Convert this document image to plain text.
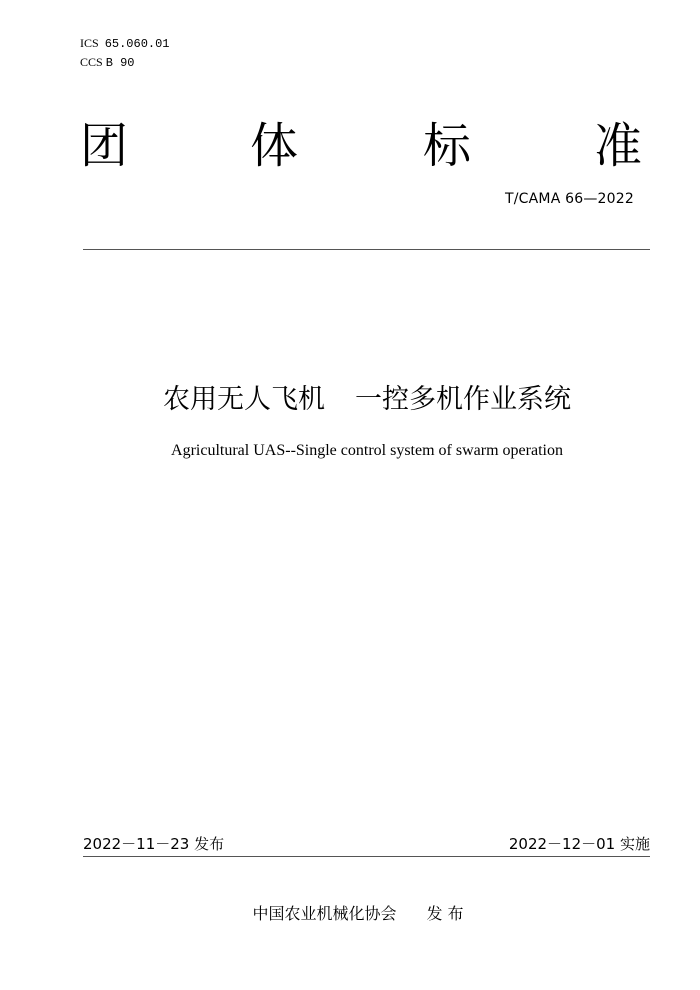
ICS 65.060.01
CCS B 90
团	体	标	准
T/CAMA 66—2022
农用无人飞机 一控多机作业系统
Agricultural UAS--Single control system of swarm operation
2022－11－23 发布	2022－12－01 实施
中国农业机械化协会 发 布
